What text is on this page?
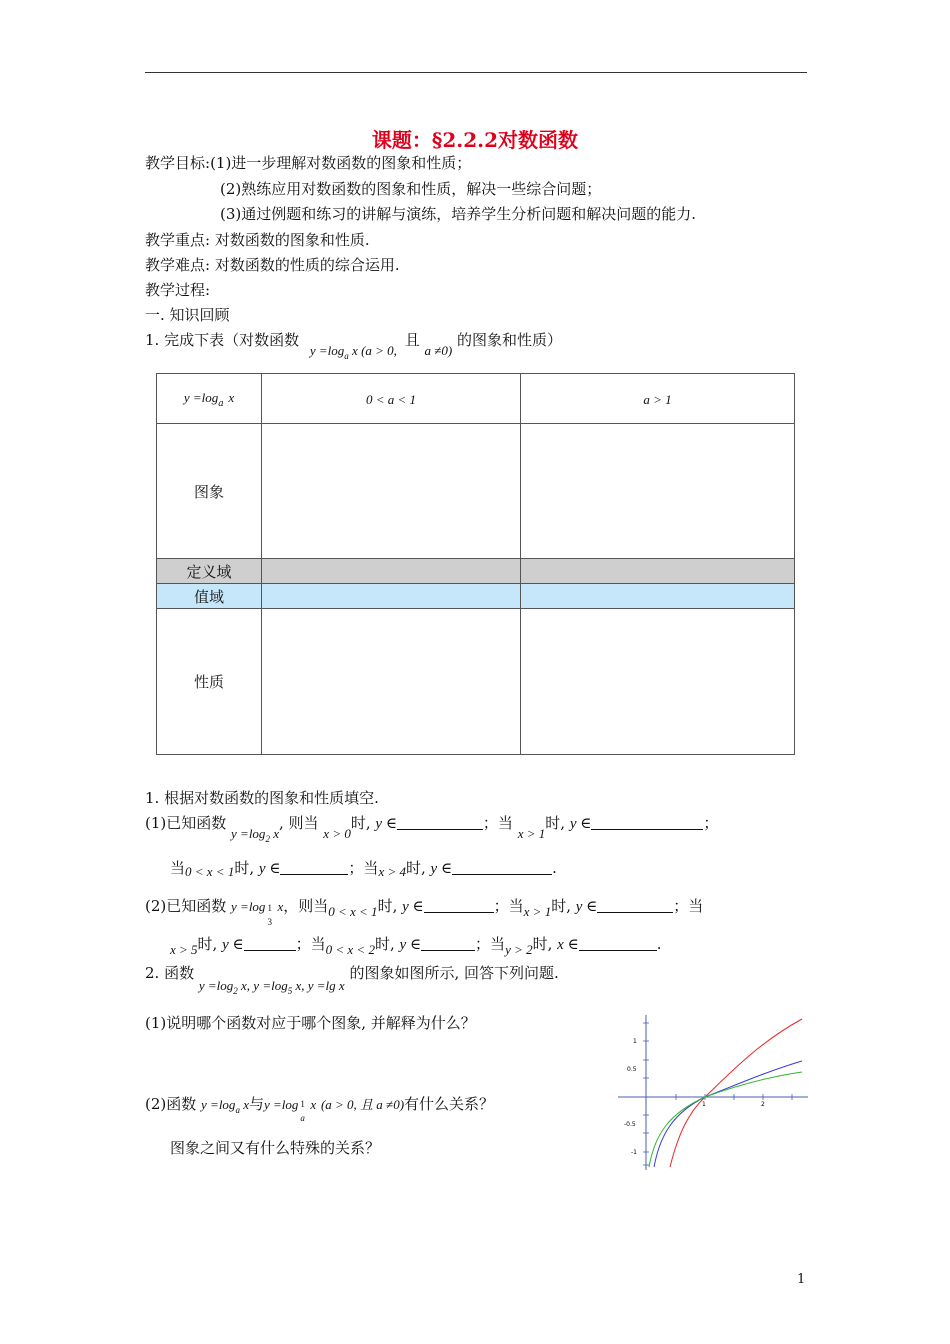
课题：§2.2.2对数函数
教学目标:(1)进一步理解对数函数的图象和性质；
(2)熟练应用对数函数的图象和性质，解决一些综合问题；
(3)通过例题和练习的讲解与演练，培养学生分析问题和解决问题的能力.
教学重点: 对数函数的图象和性质.
教学难点: 对数函数的性质的综合运用.
教学过程:
一. 知识回顾
1. 完成下表（对数函数 $y =\log_a$ x (a > 0, 且 a ≠0) 的图象和性质）
$y =\log_a$ x	0 < a < 1	a > 1
图象		
定义域		
值域		
性质		
1. 根据对数函数的图象和性质填空.
(1)已知函数 $y =\log_2$ x, 则当 x > 0时, y ∈	；当 x > 1时, y ∈	；
当0 < x < 1时, y ∈	；当x > 4时, y ∈	.
(2)已知函数 y =log 1
3
x，则当0 < x < 1时, y ∈	；当x > 1时, y ∈	；当
x > 5时, y ∈	；当0 < x < 2时, y ∈	；当y > 2时, x ∈	.
2. 函数 $y =\log_2$ x, $y =\log_5$ x, y =lg x 的图象如图所示, 回答下列问题.
(1)说明哪个函数对应于哪个图象, 并解释为什么？
(2)函数 $y =\log_a$ x与y =log 1
a
x (a > 0, 且 a ≠0)有什么关系？
图象之间又有什么特殊的关系？
1
0.5
-0.5
-1
1	2
1
